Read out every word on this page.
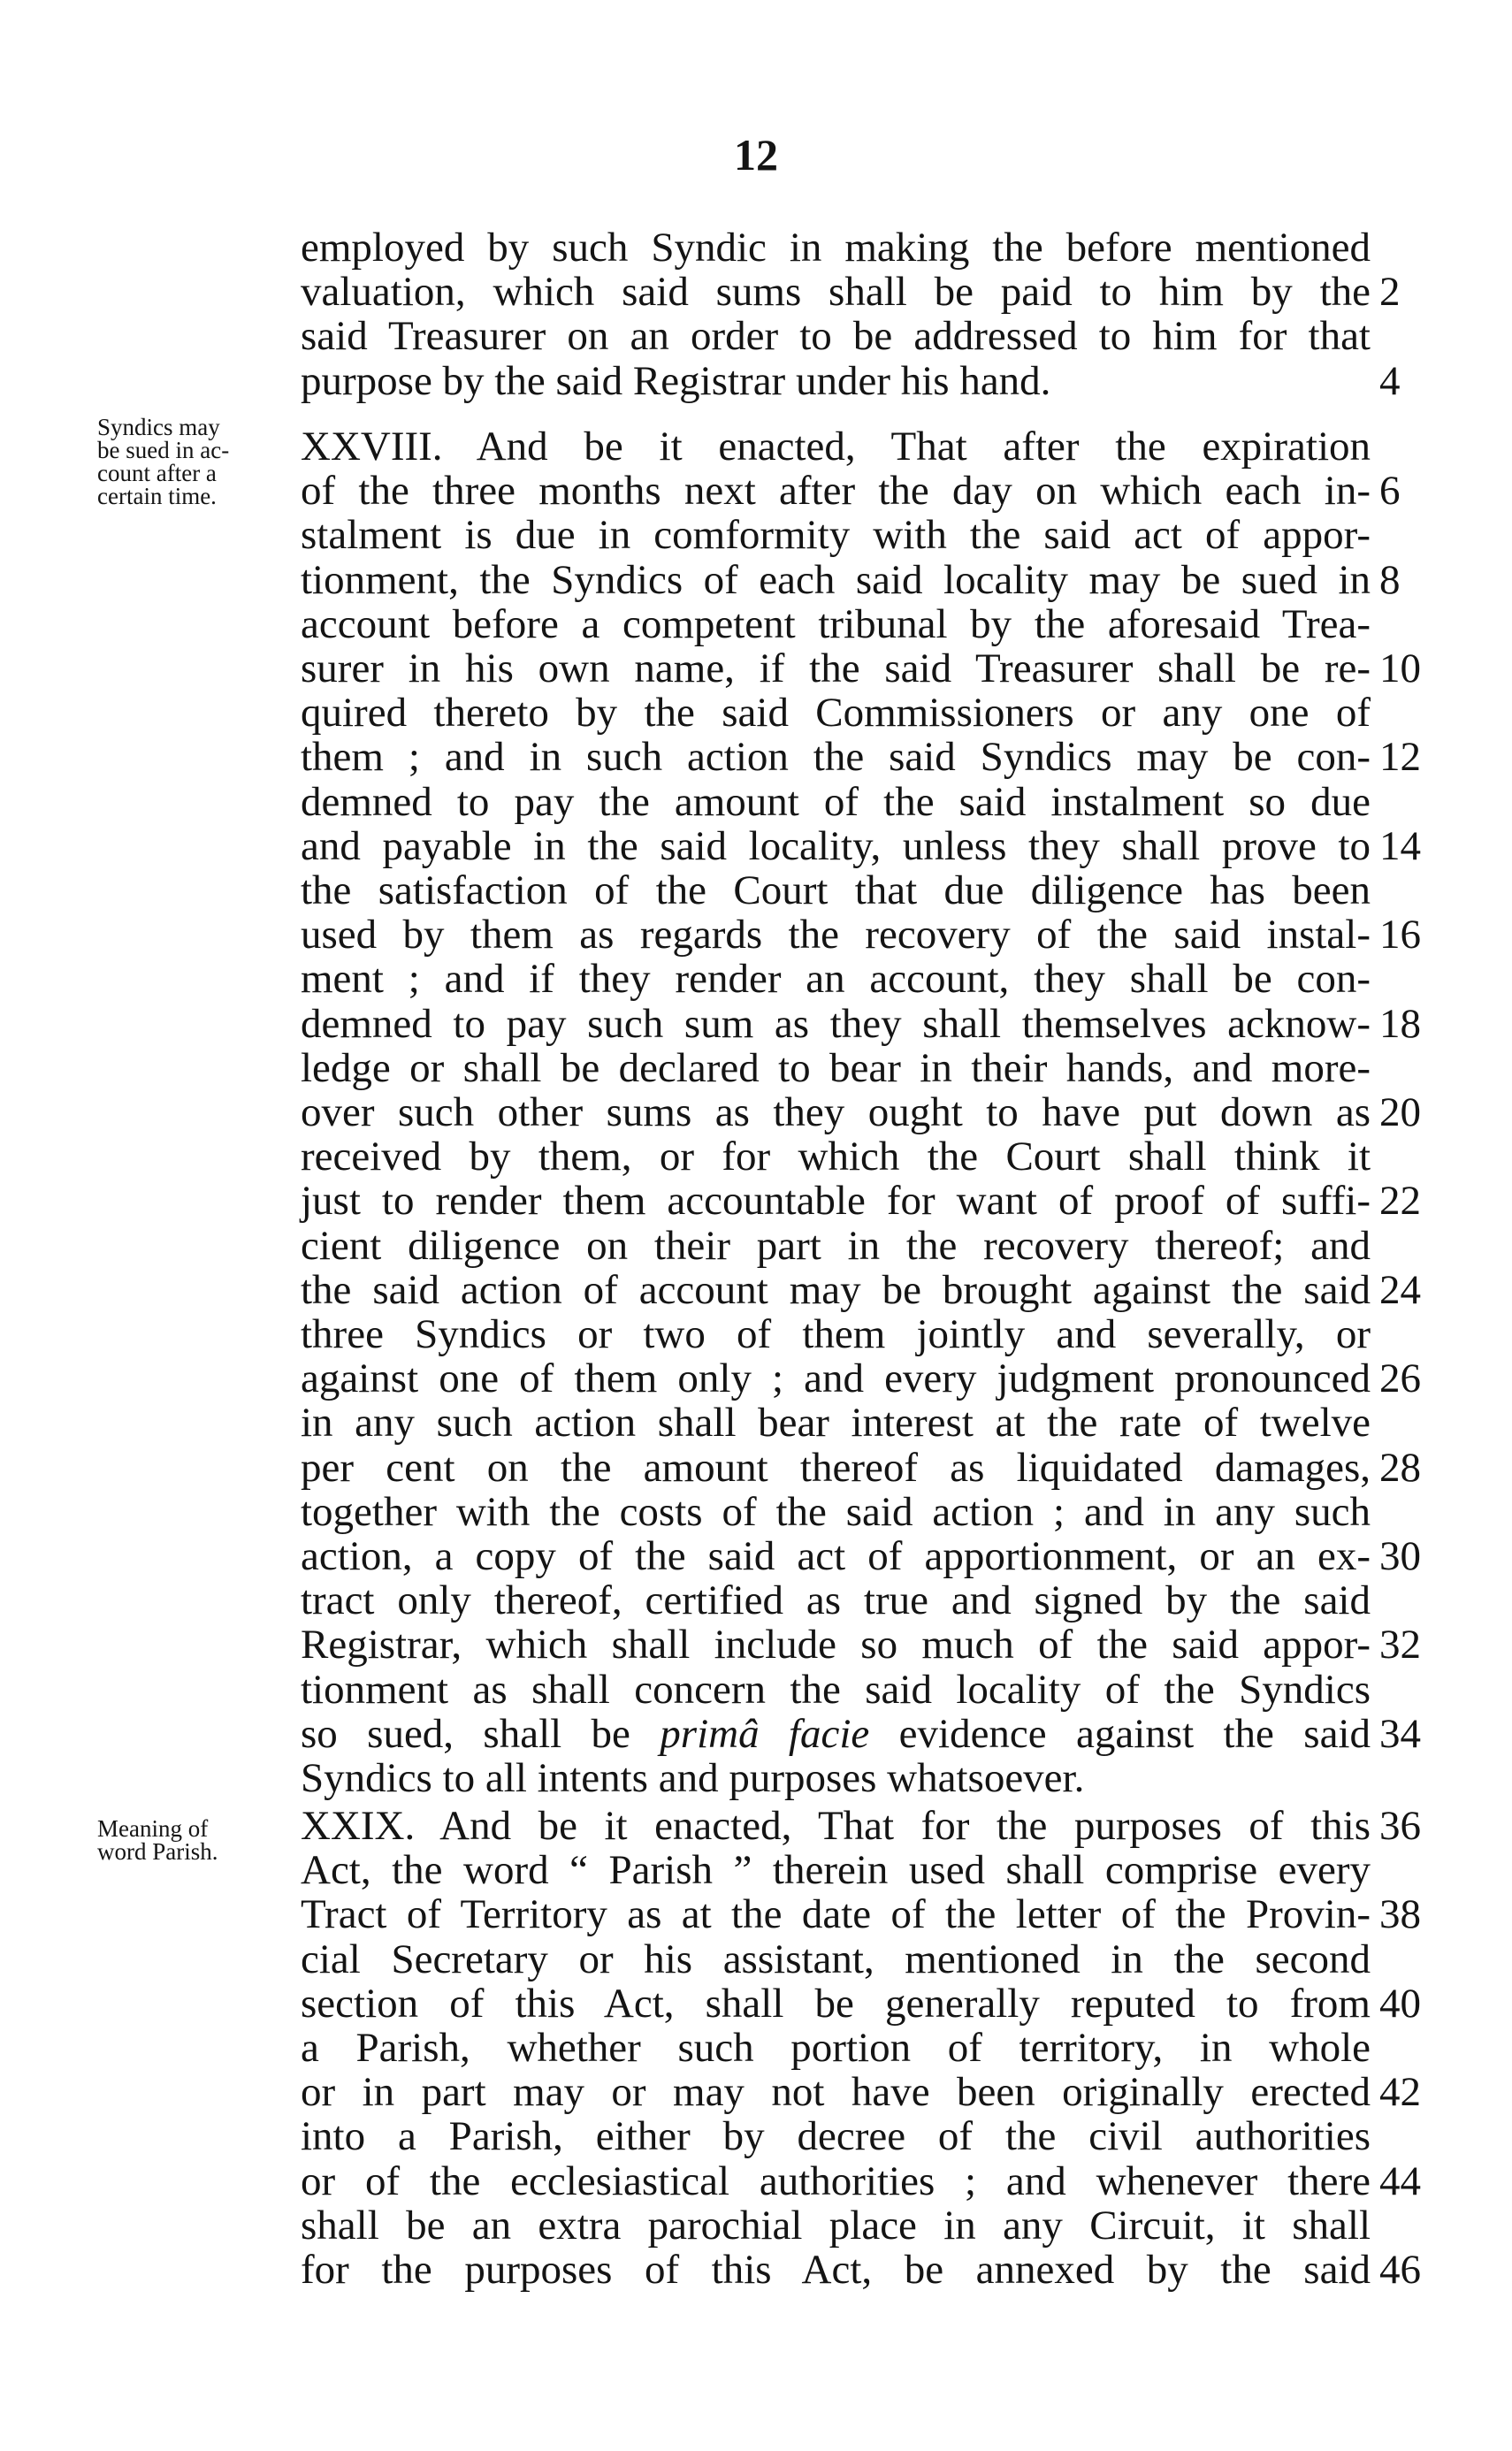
12
employed by such Syndic in making the before mentioned
valuation, which said sums shall be paid to him by the 2
said Treasurer on an order to be addressed to him for that
purpose by the said Registrar under his hand.	4
Syndics may
be sued in ac-
count after a
certain time.
XXVIII. And be it enacted, That after the expiration
of the three months next after the day on which each in- 6
stalment is due in comformity with the said act of appor-
tionment, the Syndics of each said locality may be sued in 8
account before a competent tribunal by the aforesaid Trea-
surer in his own name, if the said Treasurer shall be re- 10
quired thereto by the said Commissioners or any one of
them ; and in such action the said Syndics may be con- 12
demned to pay the amount of the said instalment so due
and payable in the said locality, unless they shall prove to 14
the satisfaction of the Court that due diligence has been
used by them as regards the recovery of the said instal- 16
ment ; and if they render an account, they shall be con-
demned to pay such sum as they shall themselves acknow- 18
ledge or shall be declared to bear in their hands, and more-
over such other sums as they ought to have put down as 20
received by them, or for which the Court shall think it
just to render them accountable for want of proof of suffi- 22
cient diligence on their part in the recovery thereof; and
the said action of account may be brought against the said 24
three Syndics or two of them jointly and severally, or
against one of them only ; and every judgment pronounced 26
in any such action shall bear interest at the rate of twelve
per cent on the amount thereof as liquidated damages, 28
together with the costs of the said action ; and in any such
action, a copy of the said act of apportionment, or an ex- 30
tract only thereof, certified as true and signed by the said
Registrar, which shall include so much of the said appor- 32
tionment as shall concern the said locality of the Syndics
so sued, shall be primâ facie evidence against the said 34
Syndics to all intents and purposes whatsoever.
Meaning of
word Parish.
XXIX. And be it enacted, That for the purposes of this 36
Act, the word “ Parish ” therein used shall comprise every
Tract of Territory as at the date of the letter of the Provin- 38
cial Secretary or his assistant, mentioned in the second
section of this Act, shall be generally reputed to from 40
a Parish, whether such portion of territory, in whole
or in part may or may not have been originally erected 42
into a Parish, either by decree of the civil authorities
or of the ecclesiastical authorities ; and whenever there 44
shall be an extra parochial place in any Circuit, it shall
for the purposes of this Act, be annexed by the said 46
